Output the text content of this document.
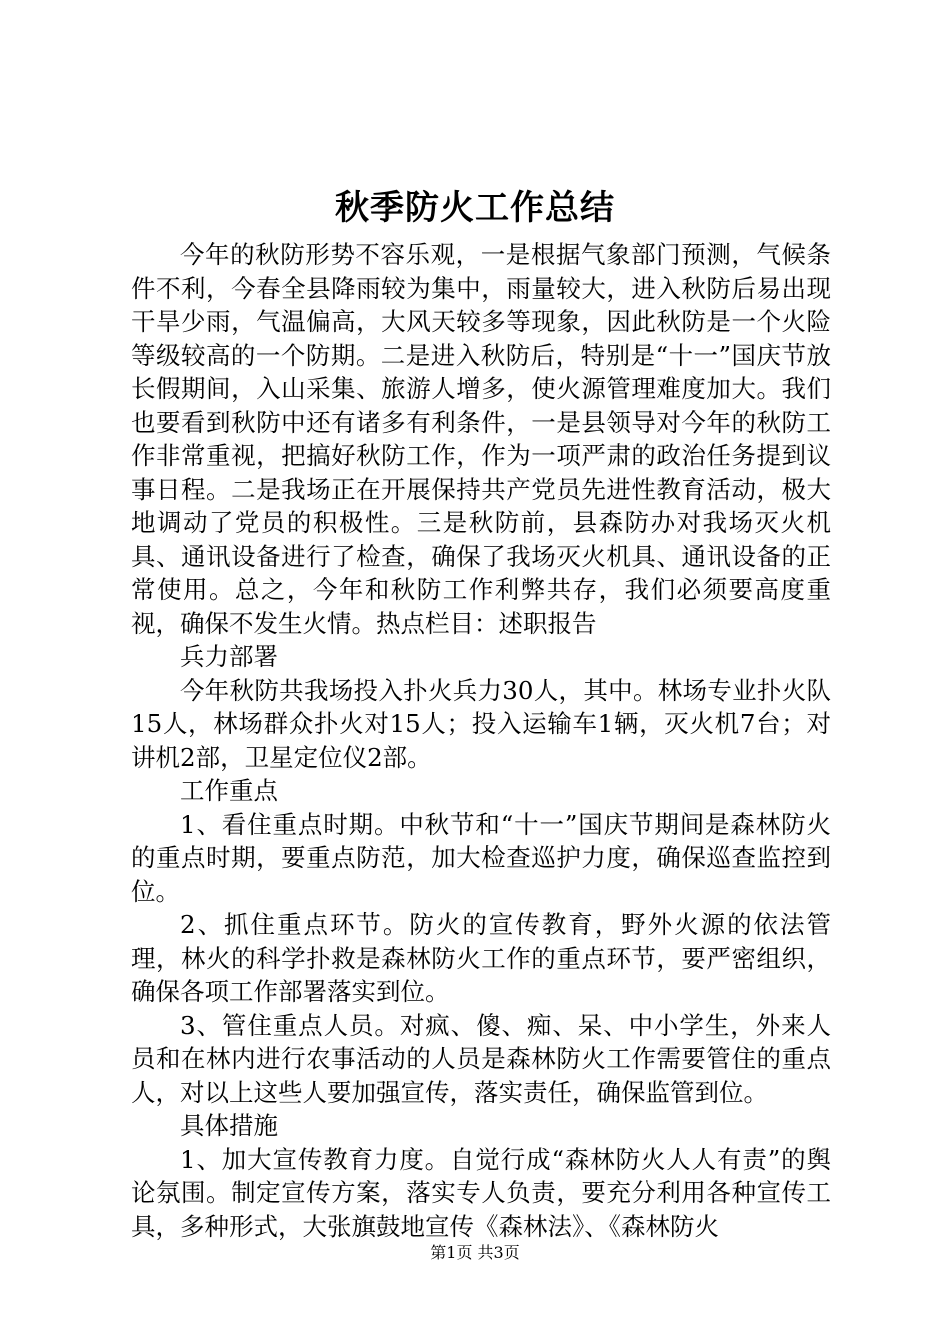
秋季防火工作总结

今年的秋防形势不容乐观，一是根据气象部门预测，气候条件不利，今春全县降雨较为集中，雨量较大，进入秋防后易出现干旱少雨，气温偏高，大风天较多等现象，因此秋防是一个火险等级较高的一个防期。二是进入秋防后，特别是“十一”国庆节放长假期间，入山采集、旅游人增多，使火源管理难度加大。我们也要看到秋防中还有诸多有利条件，一是县领导对今年的秋防工作非常重视，把搞好秋防工作，作为一项严肃的政治任务提到议事日程。二是我场正在开展保持共产党员先进性教育活动，极大地调动了党员的积极性。三是秋防前，县森防办对我场灭火机具、通讯设备进行了检查，确保了我场灭火机具、通讯设备的正常使用。总之，今年和秋防工作利弊共存，我们必须要高度重视，确保不发生火情。热点栏目：述职报告

兵力部署

今年秋防共我场投入扑火兵力30人，其中。林场专业扑火队15人，林场群众扑火对15人；投入运输车1辆，灭火机7台；对讲机2部，卫星定位仪2部。

工作重点

1、看住重点时期。中秋节和“十一”国庆节期间是森林防火的重点时期，要重点防范，加大检查巡护力度，确保巡查监控到位。

2、抓住重点环节。防火的宣传教育，野外火源的依法管理，林火的科学扑救是森林防火工作的重点环节，要严密组织，确保各项工作部署落实到位。

3、管住重点人员。对疯、傻、痴、呆、中小学生，外来人员和在林内进行农事活动的人员是森林防火工作需要管住的重点人，对以上这些人要加强宣传，落实责任，确保监管到位。

具体措施

1、加大宣传教育力度。自觉行成“森林防火人人有责”的舆论氛围。制定宣传方案，落实专人负责，要充分利用各种宣传工具，多种形式，大张旗鼓地宣传《森林法》、《森林防火

第1页 共3页
